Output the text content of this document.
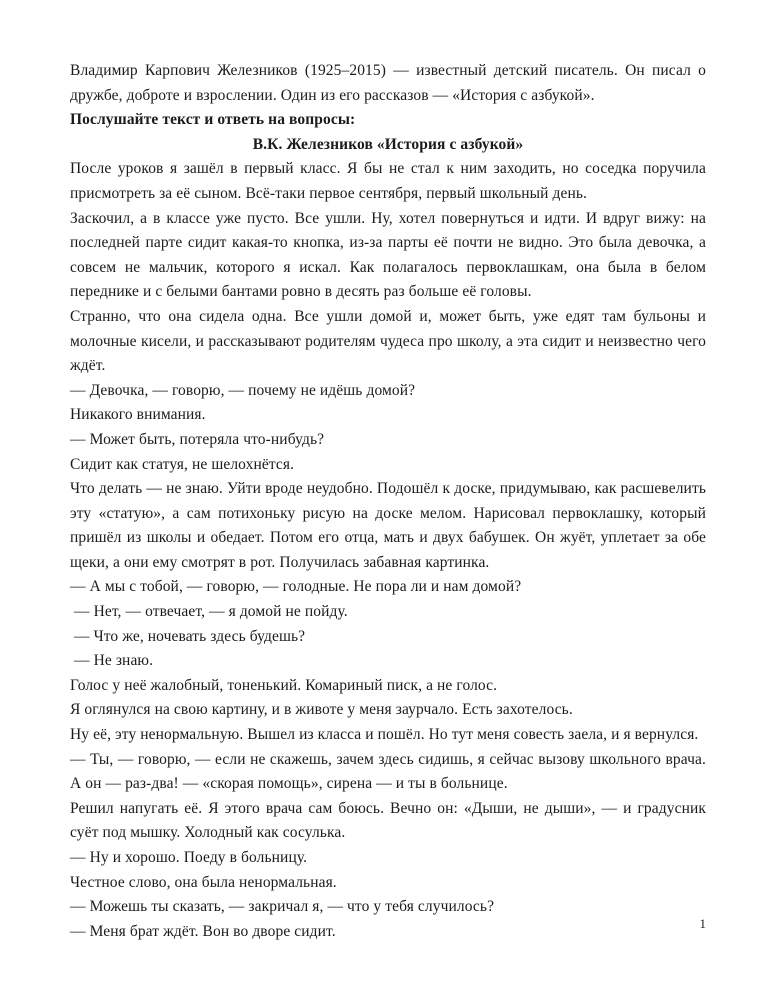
Владимир Карпович Железников (1925–2015) — известный детский писатель. Он писал о дружбе, доброте и взрослении. Один из его рассказов — «История с азбукой».

Послушайте текст и ответь на вопросы:

В.К. Железников «История с азбукой»

После уроков я зашёл в первый класс. Я бы не стал к ним заходить, но соседка поручила присмотреть за её сыном. Всё-таки первое сентября, первый школьный день.

Заскочил, а в классе уже пусто. Все ушли. Ну, хотел повернуться и идти. И вдруг вижу: на последней парте сидит какая-то кнопка, из-за парты её почти не видно. Это была девочка, а совсем не мальчик, которого я искал. Как полагалось первоклашкам, она была в белом переднике и с белыми бантами ровно в десять раз больше её головы.

Странно, что она сидела одна. Все ушли домой и, может быть, уже едят там бульоны и молочные кисели, и рассказывают родителям чудеса про школу, а эта сидит и неизвестно чего ждёт.

— Девочка, — говорю, — почему не идёшь домой?

Никакого внимания.

— Может быть, потеряла что-нибудь?

Сидит как статуя, не шелохнётся.

Что делать — не знаю. Уйти вроде неудобно. Подошёл к доске, придумываю, как расшевелить эту «статую», а сам потихоньку рисую на доске мелом. Нарисовал первоклашку, который пришёл из школы и обедает. Потом его отца, мать и двух бабушек. Он жуёт, уплетает за обе щеки, а они ему смотрят в рот. Получилась забавная картинка.

— А мы с тобой, — говорю, — голодные. Не пора ли и нам домой?

— Нет, — отвечает, — я домой не пойду.

— Что же, ночевать здесь будешь?

— Не знаю.

Голос у неё жалобный, тоненький. Комариный писк, а не голос.

Я оглянулся на свою картину, и в животе у меня заурчало. Есть захотелось.

Ну её, эту ненормальную. Вышел из класса и пошёл. Но тут меня совесть заела, и я вернулся.

— Ты, — говорю, — если не скажешь, зачем здесь сидишь, я сейчас вызову школьного врача. А он — раз-два! — «скорая помощь», сирена — и ты в больнице.

Решил напугать её. Я этого врача сам боюсь. Вечно он: «Дыши, не дыши», — и градусник суёт под мышку. Холодный как сосулька.

— Ну и хорошо. Поеду в больницу.

Честное слово, она была ненормальная.

— Можешь ты сказать, — закричал я, — что у тебя случилось?

— Меня брат ждёт. Вон во дворе сидит.	1
